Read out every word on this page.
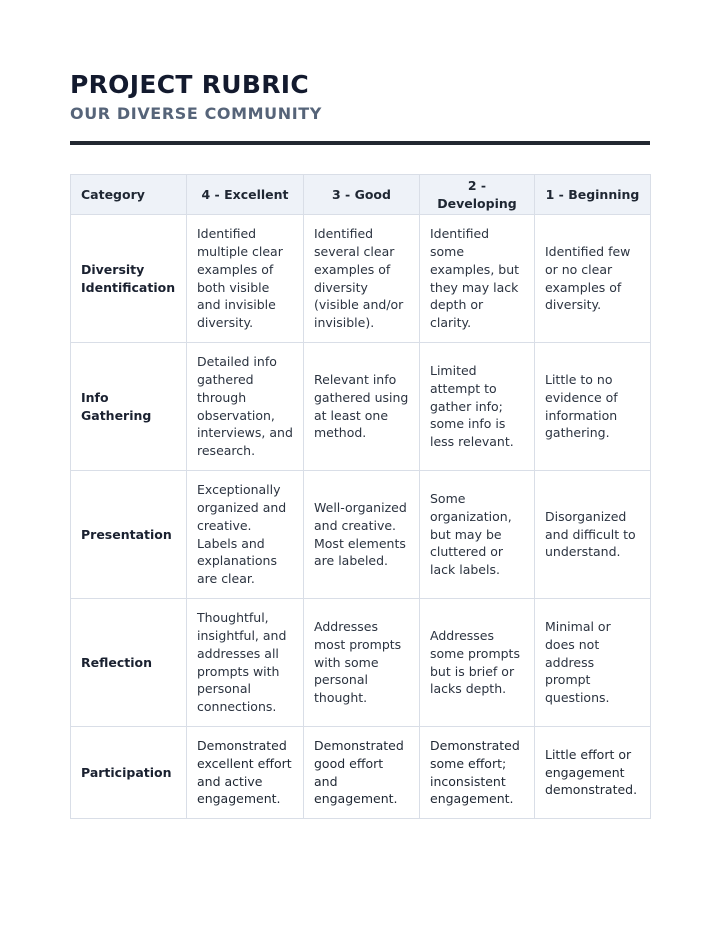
PROJECT RUBRIC
OUR DIVERSE COMMUNITY
Category	4 - Excellent	3 - Good	2 - Developing	1 - Beginning
Diversity Identification	Identified multiple clear examples of both visible and invisible diversity.	Identified several clear examples of diversity (visible and/or invisible).	Identified some examples, but they may lack depth or clarity.	Identified few or no clear examples of diversity.
Info Gathering	Detailed info gathered through observation, interviews, and research.	Relevant info gathered using at least one method.	Limited attempt to gather info; some info is less relevant.	Little to no evidence of information gathering.
Presentation	Exceptionally organized and creative. Labels and explanations are clear.	Well-organized and creative. Most elements are labeled.	Some organization, but may be cluttered or lack labels.	Disorganized and difficult to understand.
Reflection	Thoughtful, insightful, and addresses all prompts with personal connections.	Addresses most prompts with some personal thought.	Addresses some prompts but is brief or lacks depth.	Minimal or does not address prompt questions.
Participation	Demonstrated excellent effort and active engagement.	Demonstrated good effort and engagement.	Demonstrated some effort; inconsistent engagement.	Little effort or engagement demonstrated.
